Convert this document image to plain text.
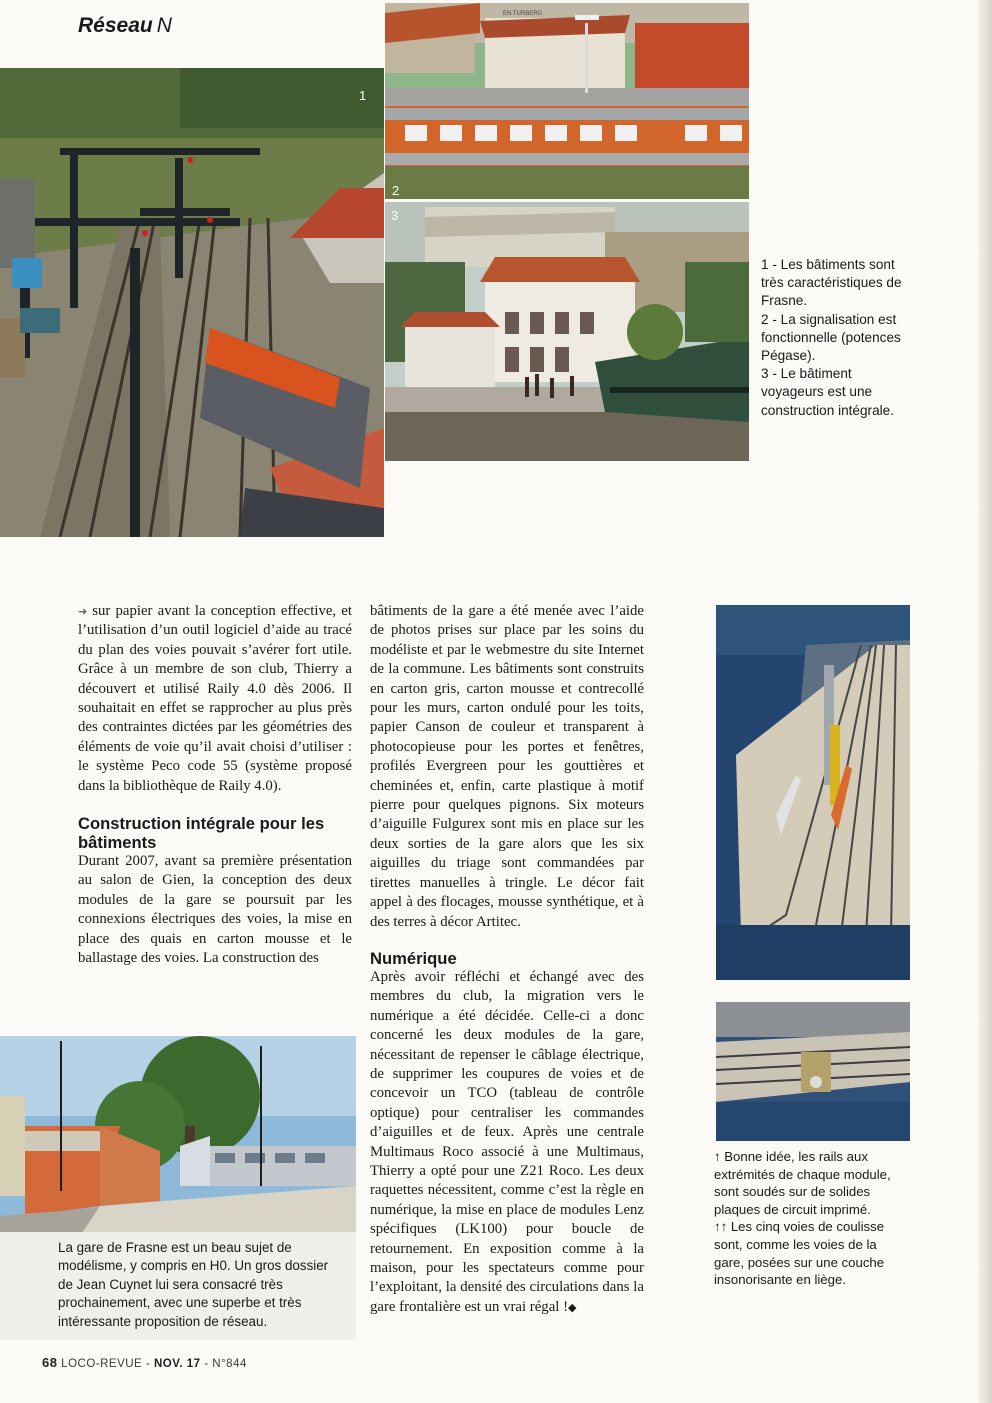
Réseau N
1
EN TURBERG
2
3

1 - Les bâtiments sont très caractéristiques de Frasne.

2 - La signalisation est fonctionnelle (potences Pégase).

3 - Le bâtiment voyageurs est une construction intégrale.

➜ sur papier avant la conception effective, et l’utilisation d’un outil logiciel d’aide au tracé du plan des voies pouvait s’avérer fort utile. Grâce à un membre de son club, Thierry a découvert et utilisé Raily 4.0 dès 2006. Il souhaitait en effet se rapprocher au plus près des contraintes dictées par les géométries des éléments de voie qu’il avait choisi d’utiliser : le système Peco code 55 (système proposé dans la bibliothèque de Raily 4.0).

Construction intégrale pour les bâtiments

Durant 2007, avant sa première présentation au salon de Gien, la conception des deux modules de la gare se poursuit par les connexions électriques des voies, la mise en place des quais en carton mousse et le ballastage des voies. La construction des

bâtiments de la gare a été menée avec l’aide de photos prises sur place par les soins du modéliste et par le webmestre du site Internet de la commune. Les bâtiments sont construits en carton gris, carton mousse et contrecollé pour les murs, carton ondulé pour les toits, papier Canson de couleur et transparent à photocopieuse pour les portes et fenêtres, profilés Evergreen pour les gouttières et cheminées et, enfin, carte plastique à motif pierre pour quelques pignons. Six moteurs d’aiguille Fulgurex sont mis en place sur les deux sorties de la gare alors que les six aiguilles du triage sont commandées par tirettes manuelles à tringle. Le décor fait appel à des flocages, mousse synthétique, et à des terres à décor Artitec.

Numérique

Après avoir réfléchi et échangé avec des membres du club, la migration vers le numérique a été décidée. Celle-ci a donc concerné les deux modules de la gare, nécessitant de repenser le câblage électrique, de supprimer les coupures de voies et de concevoir un TCO (tableau de contrôle optique) pour centraliser les commandes d’aiguilles et de feux. Après une centrale Multimaus Roco associé à une Multimaus, Thierry a opté pour une Z21 Roco. Les deux raquettes nécessitent, comme c’est la règle en numérique, la mise en place de modules Lenz spécifiques (LK100) pour boucle de retournement. En exposition comme à la maison, pour les spectateurs comme pour l’exploitant, la densité des circulations dans la gare frontalière est un vrai régal !◆

La gare de Frasne est un beau sujet de modélisme, y compris en H0. Un gros dossier de Jean Cuynet lui sera consacré très prochainement, avec une superbe et très intéressante proposition de réseau.

↑ Bonne idée, les rails aux extrémités de chaque module, sont soudés sur de solides plaques de circuit imprimé.

↑↑ Les cinq voies de coulisse sont, comme les voies de la gare, posées sur une couche insonorisante en liège.

68 LOCO-REVUE - NOV. 17 - N°844
